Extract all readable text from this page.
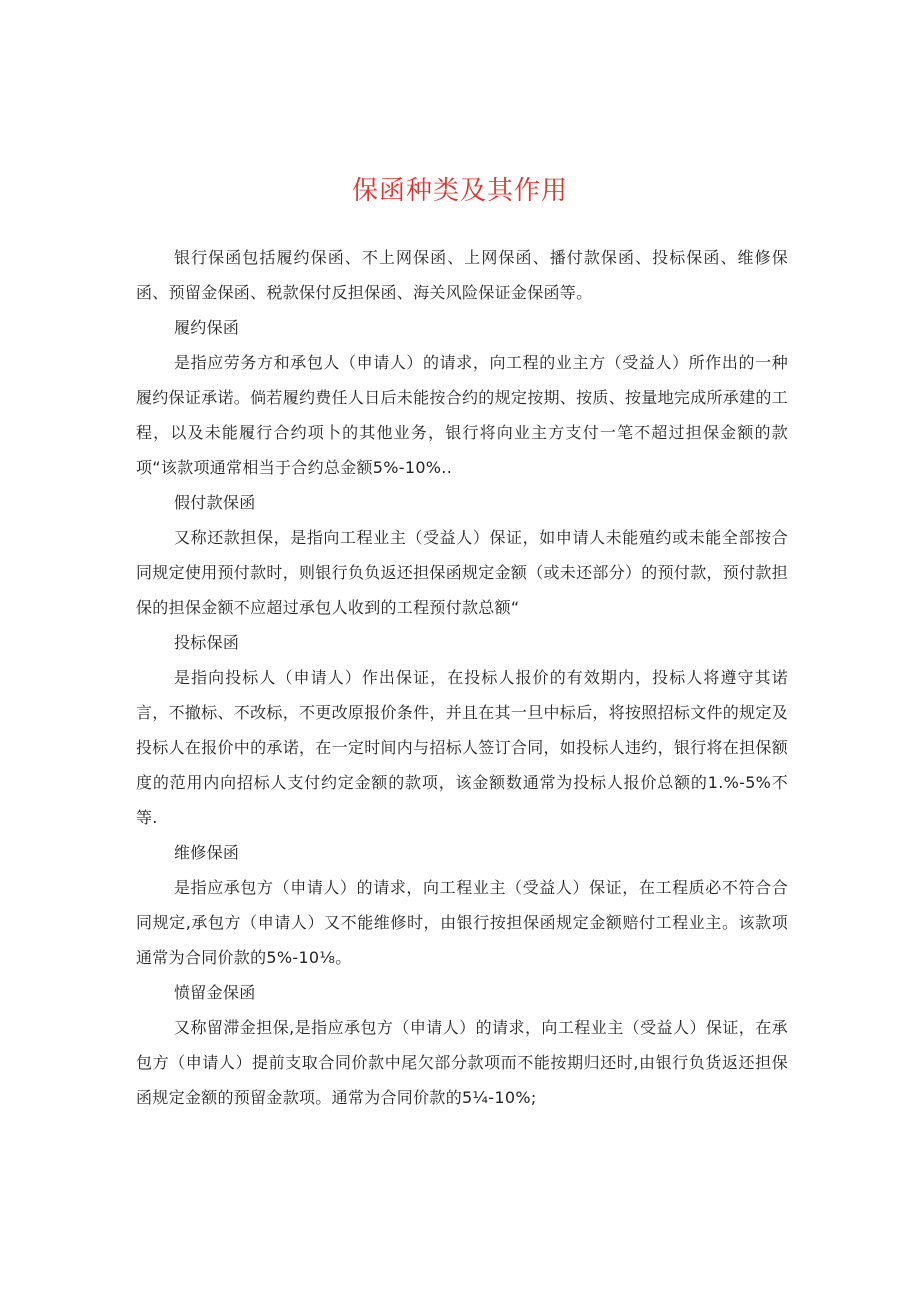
保函种类及其作用

银行保函包括履约保函、不上网保函、上网保函、播付款保函、投标保函、维修保函、预留金保函、税款保付反担保函、海关风险保证金保函等。

履约保函

是指应劳务方和承包人（申请人）的请求，向工程的业主方（受益人）所作出的一种履约保证承诺。倘若履约费任人日后未能按合约的规定按期、按质、按量地完成所承建的工程，以及未能履行合约项卜的其他业务，银行将向业主方支付一笔不超过担保金额的款项“该款项通常相当于合约总金额5%-10%..

假付款保函

又称还款担保，是指向工程业主（受益人）保证，如申请人未能殖约或未能全部按合同规定使用预付款时，则银行负负返还担保函规定金额（或未还部分）的预付款，预付款担保的担保金额不应超过承包人收到的工程预付款总额“

投标保函

是指向投标人（申请人）作出保证，在投标人报价的有效期内，投标人将遵守其诺言，不撤标、不改标，不更改原报价条件，并且在其一旦中标后，将按照招标文件的规定及投标人在报价中的承诺，在一定时间内与招标人签订合同，如投标人违约，银行将在担保额度的范用内向招标人支付约定金额的款项，该金额数通常为投标人报价总额的1.%-5%不等.

维修保函

是指应承包方（申请人）的请求，向工程业主（受益人）保证，在工程质必不符合合同规定,承包方（申请人）又不能维修时，由银行按担保函规定金额赔付工程业主。该款项通常为合同价款的5%-10⅛。

愤留金保函

又称留滞金担保,是指应承包方（申请人）的请求，向工程业主（受益人）保证，在承包方（申请人）提前支取合同价款中尾欠部分款项而不能按期归还时,由银行负货返还担保函规定金额的预留金款项。通常为合同价款的5¼-10%;
